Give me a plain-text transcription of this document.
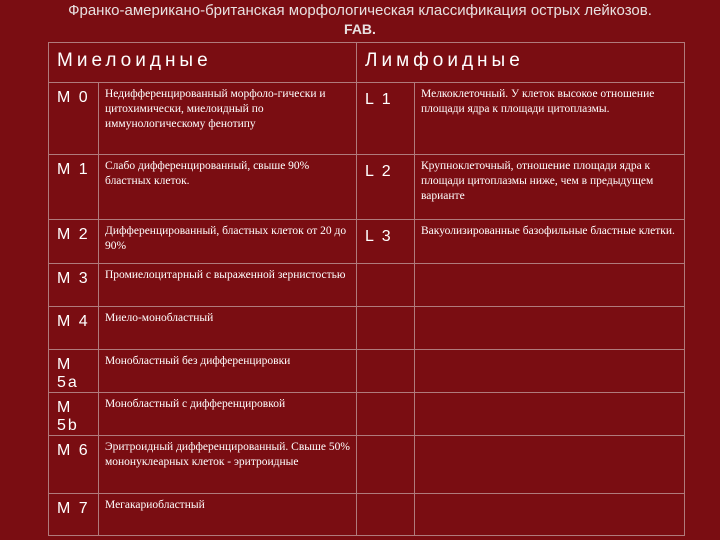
Франко-американо-британская морфологическая классификация острых лейкозов.
FAB.
Миелоидные		Лимфоидные	
M 0	Недифференцированный морфоло-гически и цитохимически, миелоидный по иммунологическому фенотипу	L 1	Мелкоклеточный. У клеток высокое отношение площади ядра к площади цитоплазмы.
M 1	Слабо дифференцированный, свыше 90% бластных клеток.	L 2	Крупноклеточный, отношение площади ядра к площади цитоплазмы ниже, чем в предыдущем варианте
M 2	Дифференцированный, бластных клеток от 20 до 90%	L 3	Вакуолизированные базофильные бластные клетки.
M 3	Промиелоцитарный с выраженной зернистостью		
M 4	Миело-монобластный		
M 5a	Монобластный без дифференцировки		
M 5b	Монобластный с дифференцировкой		
M 6	Эритроидный дифференцированный. Свыше 50% мононуклеарных клеток - эритроидные		
M 7	Мегакариобластный		
